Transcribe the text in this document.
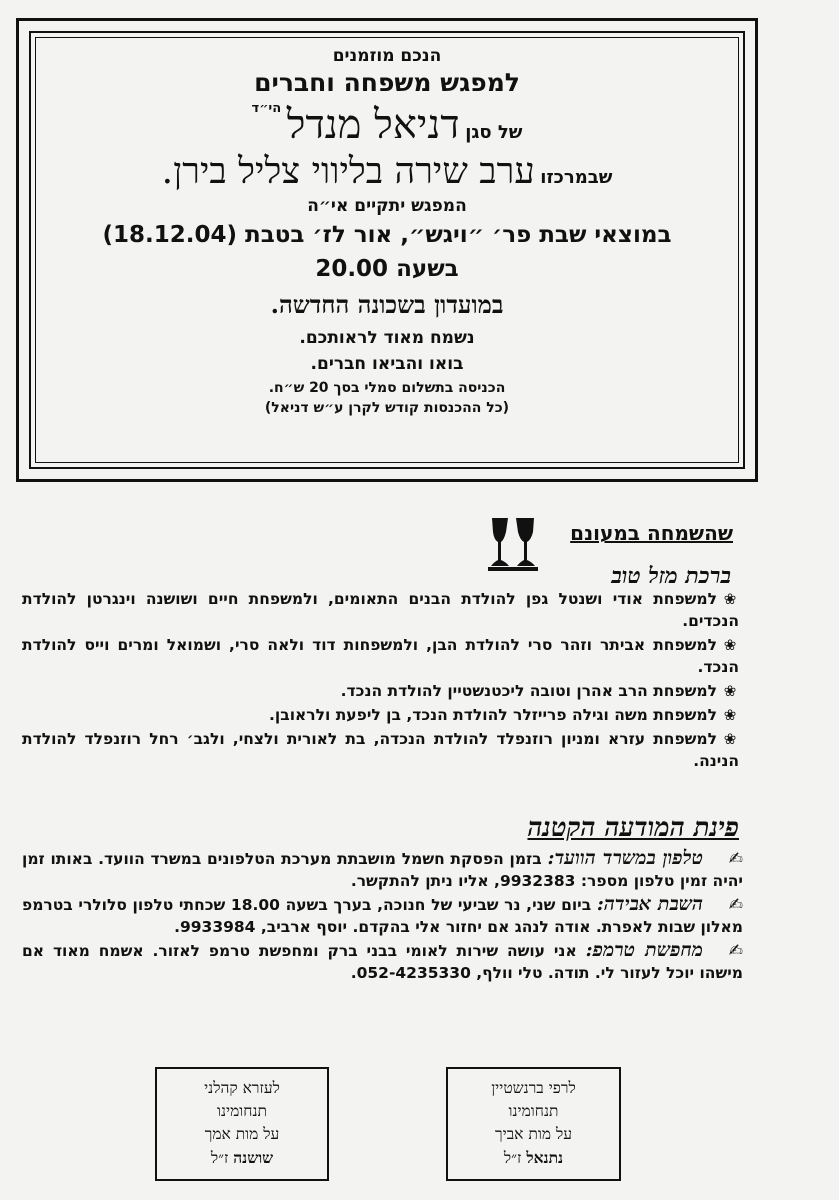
הנכם מוזמנים
למפגש משפחה וחברים
של סגן דניאל מנדל $^{הי״ד}$
שבמרכזו ערב שירה בליווי צליל בירן.
המפגש יתקיים אי״ה
במוצאי שבת פר׳ ״ויגש״, אור לז׳ בטבת (18.12.04)
בשעה 20.00
במועדון בשכונה החדשה.
נשמח מאוד לראותכם.
בואו והביאו חברים.
הכניסה בתשלום סמלי בסך 20 ש״ח.
(כל ההכנסות קודש לקרן ע״ש דניאל)
שהשמחה במעונם
ברכת מזל טוב
❀למשפחת אודי ושנטל גפן להולדת הבנים התאומים, ולמשפחת חיים ושושנה וינגרטן להולדת הנכדים.
❀למשפחת אביתר וזהר סרי להולדת הבן, ולמשפחות דוד ולאה סרי, ושמואל ומרים וייס להולדת הנכד.
❀למשפחת הרב אהרן וטובה ליכטנשטיין להולדת הנכד.
❀למשפחת משה וגילה פרייזלר להולדת הנכד, בן ליפעת ולראובן.
❀למשפחת עזרא ומניון רוזנפלד להולדת הנכדה, בת לאורית ולצחי, ולגב׳ רחל רוזנפלד להולדת הנינה.
פינת המודעה הקטנה
✍טלפון במשרד הוועד: בזמן הפסקת חשמל מושבתת מערכת הטלפונים במשרד הוועד. באותו זמן יהיה זמין טלפון מספר: 9932383, אליו ניתן להתקשר.
✍השבת אבידה: ביום שני, נר שביעי של חנוכה, בערך בשעה 18.00 שכחתי טלפון סלולרי בטרמפ מאלון שבות לאפרת. אודה לנהג אם יחזור אלי בהקדם. יוסף ארביב, 9933984.
✍מחפשת טרמפ: אני עושה שירות לאומי בבני ברק ומחפשת טרמפ לאזור. אשמח מאוד אם מישהו יוכל לעזור לי. תודה. טלי וולף, 052-4235330.
לרפי ברנשטיין
תנחומינו
על מות אביך
נתנאל ז״ל
לעזרא קהלני
תנחומינו
על מות אמך
שושנה ז״ל
